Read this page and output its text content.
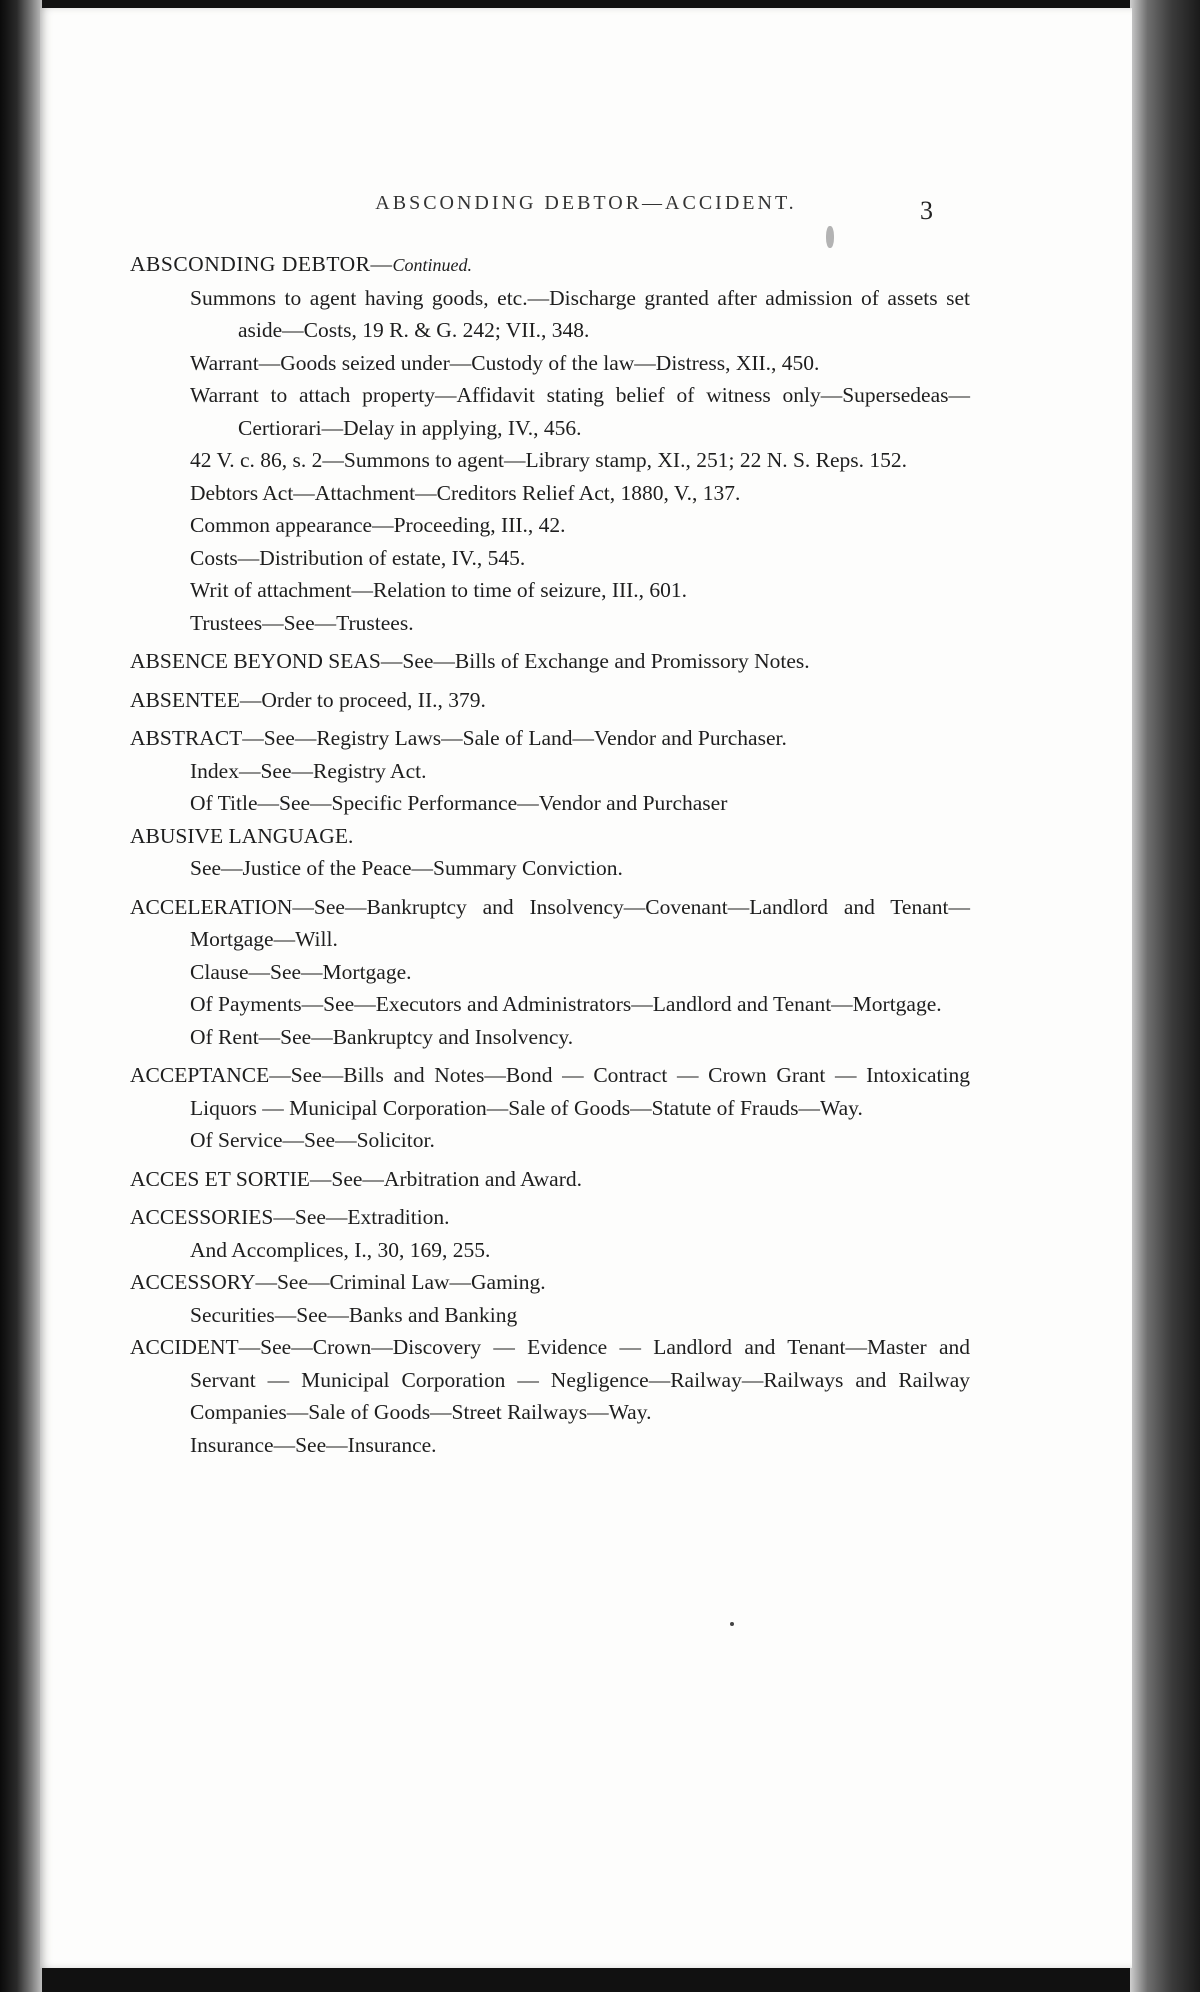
ABSCONDING DEBTOR—ACCIDENT.	3
ABSCONDING DEBTOR—Continued.
Summons to agent having goods, etc.—Discharge granted after admission of assets set aside—Costs, 19 R. & G. 242; VII., 348.
Warrant—Goods seized under—Custody of the law—Distress, XII., 450.
Warrant to attach property—Affidavit stating belief of witness only—Supersedeas—Certiorari—Delay in applying, IV., 456.
42 V. c. 86, s. 2—Summons to agent—Library stamp, XI., 251; 22 N. S. Reps. 152.
Debtors Act—Attachment—Creditors Relief Act, 1880, V., 137.
Common appearance—Proceeding, III., 42.
Costs—Distribution of estate, IV., 545.
Writ of attachment—Relation to time of seizure, III., 601.
Trustees—See—Trustees.
ABSENCE BEYOND SEAS—See—Bills of Exchange and Promissory Notes.
ABSENTEE—Order to proceed, II., 379.
ABSTRACT—See—Registry Laws—Sale of Land—Vendor and Purchaser.
Index—See—Registry Act.
Of Title—See—Specific Performance—Vendor and Purchaser
ABUSIVE LANGUAGE.
See—Justice of the Peace—Summary Conviction.
ACCELERATION—See—Bankruptcy and Insolvency—Covenant—Landlord and Tenant—Mortgage—Will.
Clause—See—Mortgage.
Of Payments—See—Executors and Administrators—Landlord and Tenant—Mortgage.
Of Rent—See—Bankruptcy and Insolvency.
ACCEPTANCE—See—Bills and Notes—Bond — Contract — Crown Grant — Intoxicating Liquors — Municipal Corporation—Sale of Goods—Statute of Frauds—Way.
Of Service—See—Solicitor.
ACCES ET SORTIE—See—Arbitration and Award.
ACCESSORIES—See—Extradition.
And Accomplices, I., 30, 169, 255.
ACCESSORY—See—Criminal Law—Gaming.
Securities—See—Banks and Banking
ACCIDENT—See—Crown—Discovery — Evidence — Landlord and Tenant—Master and Servant — Municipal Corporation — Negligence—Railway—Railways and Railway Companies—Sale of Goods—Street Railways—Way.
Insurance—See—Insurance.
